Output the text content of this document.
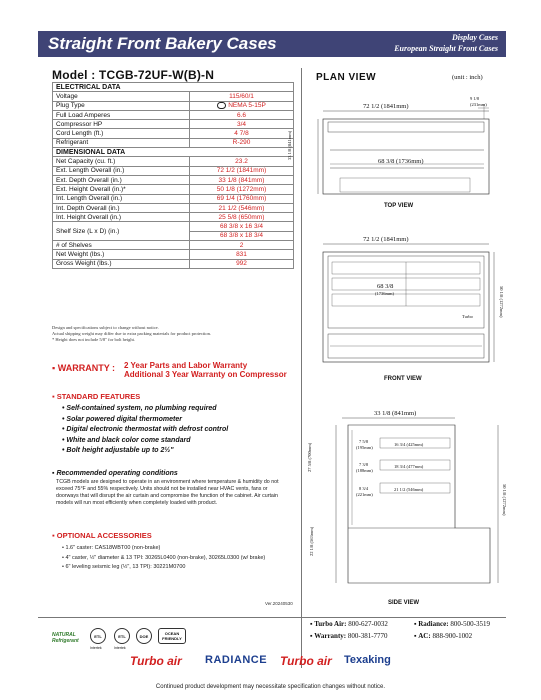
Straight Front Bakery Cases	Display Cases
European Straight Front Cases
Model : TCGB-72UF-W(B)-N
ELECTRICAL DATA	
Voltage	115/60/1
Plug Type	NEMA 5-15P
Full Load Amperes	6.6
Compressor HP	3/4
Cord Length (ft.)	4 7/8
Refrigerant	R-290
DIMENSIONAL DATA	
Net Capacity (cu. ft.)	23.2
Ext. Length Overall (in.)	72 1/2 (1841mm)
Ext. Depth Overall (in.)	33 1/8 (841mm)
Ext. Height Overall (in.)*	50 1/8 (1272mm)
Int. Length Overall (in.)	69 1/4 (1760mm)
Int. Depth Overall (in.)	21 1/2 (546mm)
Int. Height Overall (in.)	25 5/8 (650mm)
Shelf Size (L x D) (in.)	68 3/8 x 16 3/4
	68 3/8 x 18 3/4
# of Shelves	2
Net Weight (lbs.)	831
Gross Weight (lbs.)	992
Design and specifications subject to change without notice.
Actual shipping weight may differ due to extra packing materials for product protection.
* Height does not include 5/8" for bolt height.
▪ WARRANTY : 2 Year Parts and Labor Warranty
Additional 3 Year Warranty on Compressor
▪ STANDARD FEATURES
• Self-contained system, no plumbing required
• Solar powered digital thermometer
• Digital electronic thermostat with defrost control
• White and black color come standard
• Bolt height adjustable up to 2½"
▪ Recommended operating conditions
TCGB models are designed to operate in an environment where temperature & humidity do not exceed 75°F and 55% respectively. Units should not be installed near HVAC vents, fans or doorways that will disrupt the air curtain and compromise the function of the cabinet. Air curtain models will run most efficiently when completely loaded with product.
▪ OPTIONAL ACCESSORIES
• 1.6" caster: CAS18WBT00 (non-brake)
• 4" caster, ½" diameter & 13 TPI: 30265L0400 (non-brake), 30265L0300 (w/ brake)
• 6" leveling seismic leg (½", 13 TPI): 30221M0700
Ver.20240530
PLAN VIEW	(unit : inch)
72 1/2 (1841mm)
9 1/8
(231mm)
68 3/8 (1736mm)
33 1/8 (841mm)
TOP VIEW
72 1/2 (1841mm)
68 3/8
(1736mm)
Turbo	50 1/8 (1272mm)
FRONT VIEW
33 1/8 (841mm)
7 5/8
(195mm)
16 3/4 (425mm)
7 3/8
(188mm)
18 3/4 (477mm)
8 3/4
(221mm)
21 1/2 (546mm)
27 5/8 (700mm)
22 1/8 (563mm)
50 1/8 (1272mm)
SIDE VIEW
NATURAL Refrigerant
ETL	ETL	DOE	OCEAN FRIENDLY
Intertek	Intertek
▪ Turbo Air: 800-627-0032	▪ Radiance: 800-500-3519
▪ Warranty: 800-381-7770	▪ AC: 888-900-1002
Turbo air RADIANCE Turbo air Texaking
Continued product development may necessitate specification changes without notice.
